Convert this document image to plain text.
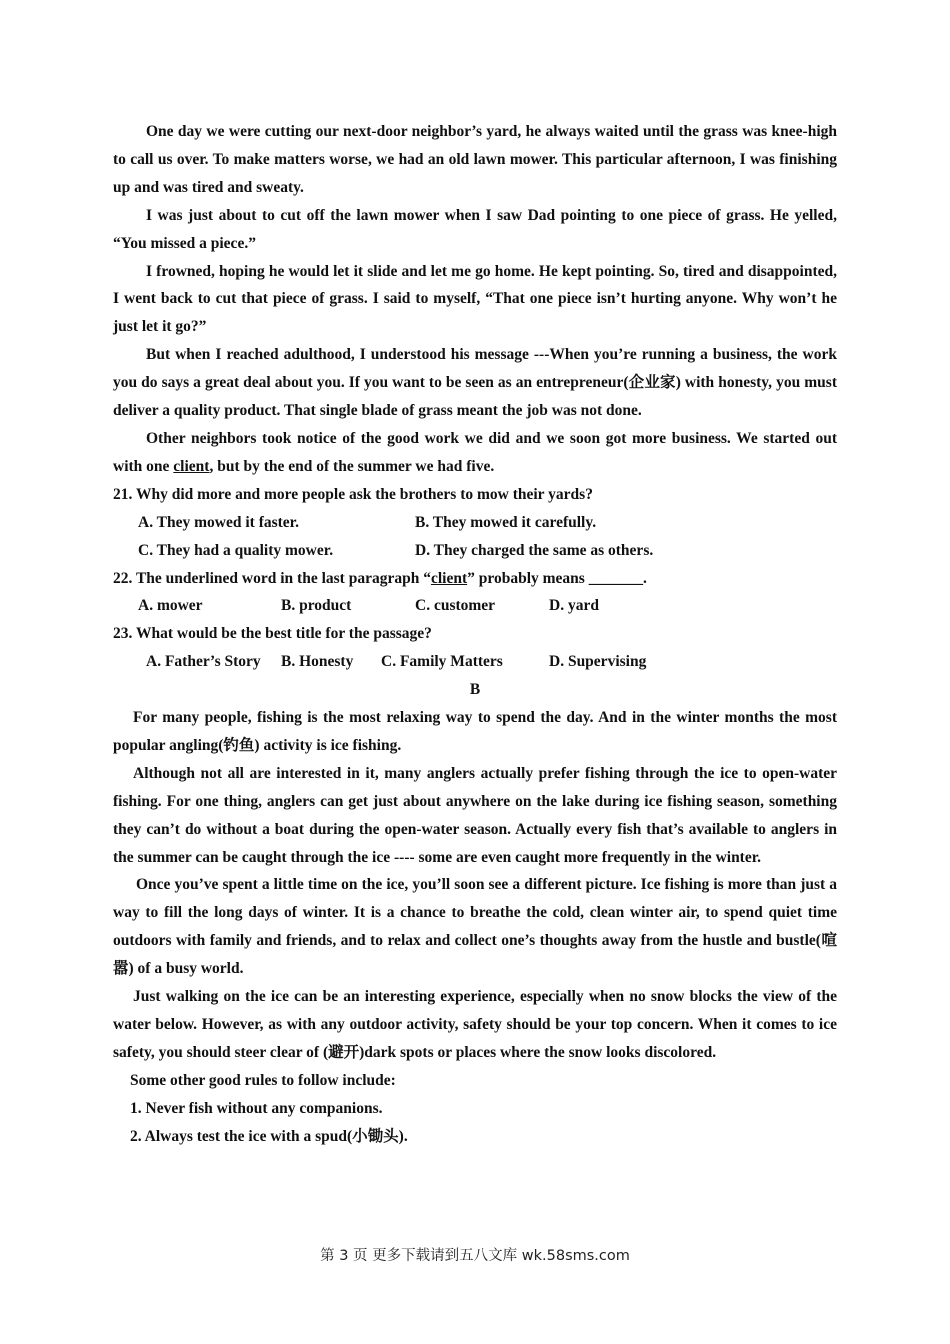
One day we were cutting our next-door neighbor’s yard, he always waited until the grass was knee-high to call us over. To make matters worse, we had an old lawn mower. This particular afternoon, I was finishing up and was tired and sweaty.

I was just about to cut off the lawn mower when I saw Dad pointing to one piece of grass. He yelled, “You missed a piece.”

I frowned, hoping he would let it slide and let me go home. He kept pointing. So, tired and disappointed, I went back to cut that piece of grass. I said to myself, “That one piece isn’t hurting anyone. Why won’t he just let it go?”

But when I reached adulthood, I understood his message ---When you’re running a business, the work you do says a great deal about you. If you want to be seen as an entrepreneur(企业家) with honesty, you must deliver a quality product. That single blade of grass meant the job was not done.

Other neighbors took notice of the good work we did and we soon got more business. We started out with one client, but by the end of the summer we had five.

21. Why did more and more people ask the brothers to mow their yards?

A. They mowed it faster.	B. They mowed it carefully.
C. They had a quality mower.	D. They charged the same as others.

22. The underlined word in the last paragraph “client” probably means _______.

A. mower	B. product	C. customer	D. yard

23. What would be the best title for the passage?

A. Father’s Story	B. Honesty	C. Family Matters	D. Supervising

B

For many people, fishing is the most relaxing way to spend the day. And in the winter months the most popular angling(钓鱼) activity is ice fishing.

Although not all are interested in it, many anglers actually prefer fishing through the ice to open-water fishing. For one thing, anglers can get just about anywhere on the lake during ice fishing season, something they can’t do without a boat during the open-water season. Actually every fish that’s available to anglers in the summer can be caught through the ice ---- some are even caught more frequently in the winter.

Once you’ve spent a little time on the ice, you’ll soon see a different picture. Ice fishing is more than just a way to fill the long days of winter. It is a chance to breathe the cold, clean winter air, to spend quiet time outdoors with family and friends, and to relax and collect one’s thoughts away from the hustle and bustle(喧嚣) of a busy world.

Just walking on the ice can be an interesting experience, especially when no snow blocks the view of the water below. However, as with any outdoor activity, safety should be your top concern. When it comes to ice safety, you should steer clear of (避开)dark spots or places where the snow looks discolored.

Some other good rules to follow include:

1. Never fish without any companions.

2. Always test the ice with a spud(小锄头).

第 3 页 更多下载请到五八文库 wk.58sms.com
